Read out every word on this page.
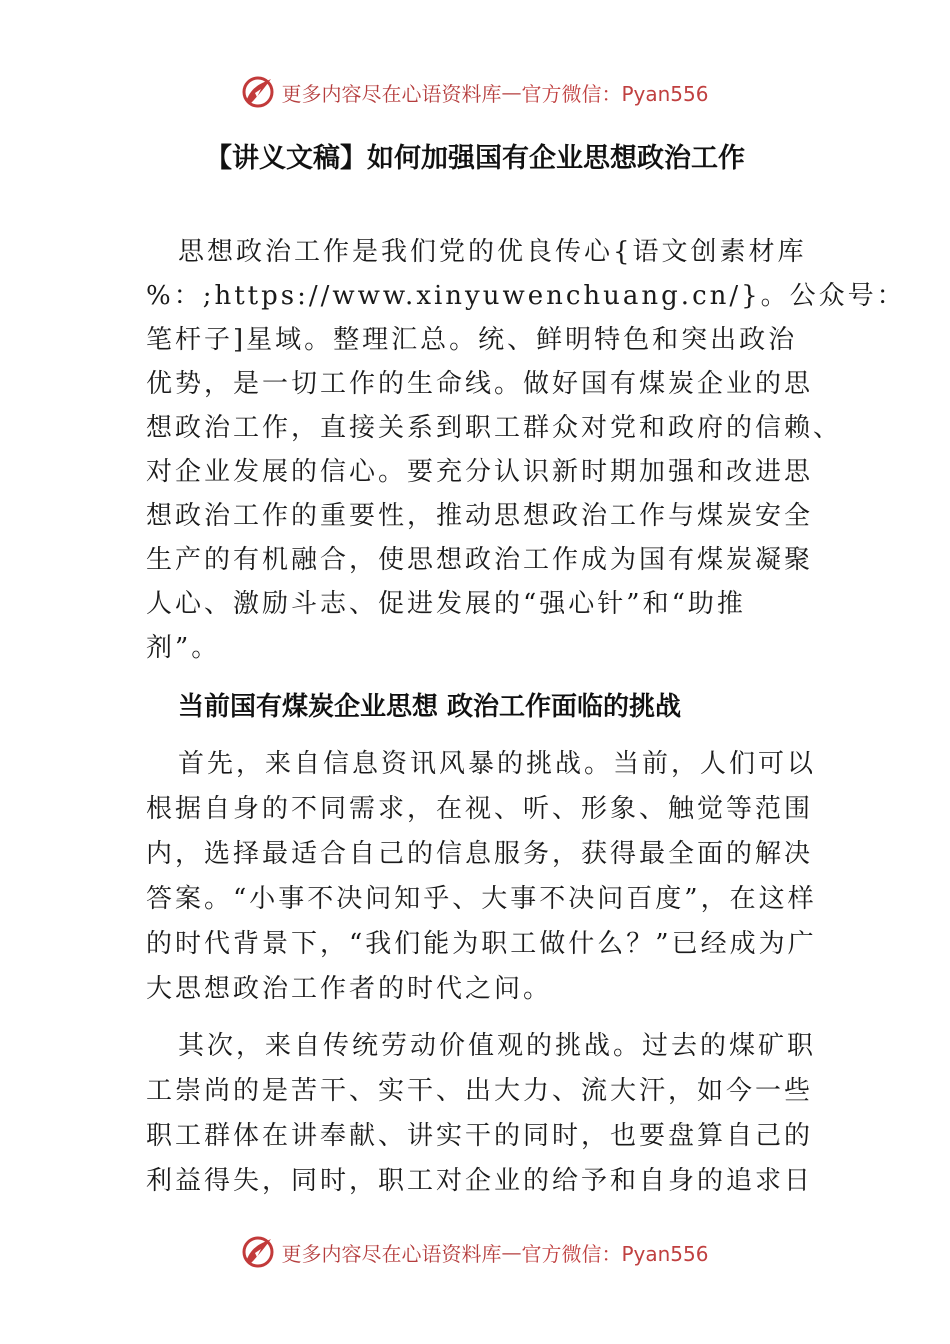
更多内容尽在心语资料库 — 官方微信：Pyan556
【讲义文稿】如何加强国有企业思想政治工作
思想政治工作是我们党的优良传心{语文创素材库
%：;https://www.xinyuwenchuang.cn/}。公众号：
笔杆子]星域。整理汇总。统、鲜明特色和突出政治
优势，是一切工作的生命线。做好国有煤炭企业的思
想政治工作，直接关系到职工群众对党和政府的信赖、
对企业发展的信心。要充分认识新时期加强和改进思
想政治工作的重要性，推动思想政治工作与煤炭安全
生产的有机融合，使思想政治工作成为国有煤炭凝聚
人心、激励斗志、促进发展的“强心针”和“助推
剂”。
当前国有煤炭企业思想 政治工作面临的挑战
首先，来自信息资讯风暴的挑战。当前，人们可以
根据自身的不同需求，在视、听、形象、触觉等范围
内，选择最适合自己的信息服务，获得最全面的解决
答案。“小事不决问知乎、大事不决问百度”，在这样
的时代背景下，“我们能为职工做什么？”已经成为广
大思想政治工作者的时代之问。
其次，来自传统劳动价值观的挑战。过去的煤矿职
工崇尚的是苦干、实干、出大力、流大汗，如今一些
职工群体在讲奉献、讲实干的同时，也要盘算自己的
利益得失，同时，职工对企业的给予和自身的追求日
更多内容尽在心语资料库 — 官方微信：Pyan556
